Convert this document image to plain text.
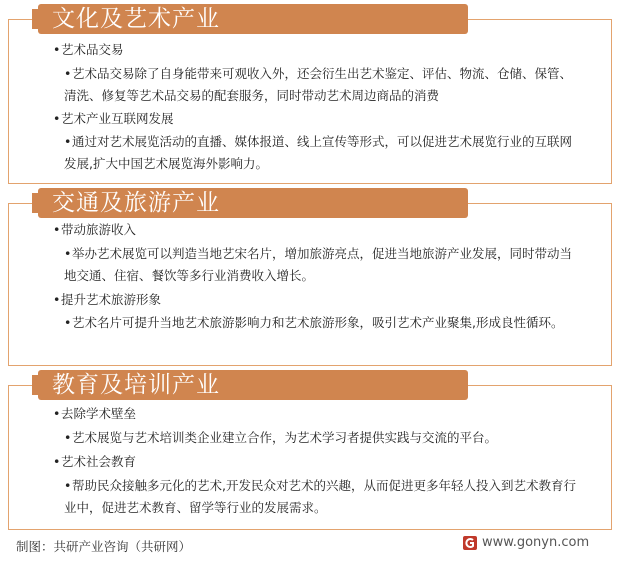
文化及艺术产业
•艺术品交易
•艺术品交易除了自身能带来可观收入外，还会衍生出艺术鉴定、评估、物流、仓储、保管、清洗、修复等艺术品交易的配套服务，同时带动艺术周边商品的消费
•艺术产业互联网发展
•通过对艺术展览活动的直播、媒体报道、线上宣传等形式，可以促进艺术展览行业的互联网发展,扩大中国艺术展览海外影响力。
交通及旅游产业
•带动旅游收入
•举办艺术展览可以判造当地艺宋名片，增加旅游亮点，促进当地旅游产业发展，同时带动当地交通、住宿、餐饮等多行业消费收入增长。
•提升艺术旅游形象
•艺术名片可提升当地艺术旅游影响力和艺术旅游形象，吸引艺术产业聚集,形成良性循环。
教育及培训产业
•去除学术壁垒
•艺术展览与艺术培训类企业建立合作，为艺术学习者提供实践与交流的平台。
•艺术社会教育
•帮助民众接触多元化的艺术,开发民众对艺术的兴趣，从而促进更多年轻人投入到艺术教育行业中，促进艺术教育、留学等行业的发展需求。
制图：共研产业咨询（共研网）	www.gonyn.com
